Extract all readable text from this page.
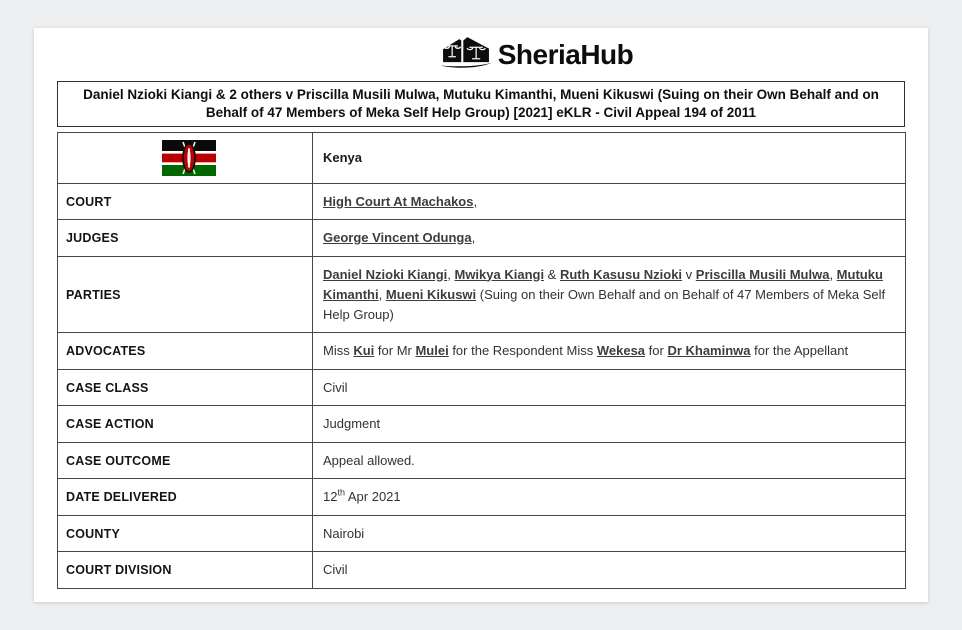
SheriaHub
Daniel Nzioki Kiangi & 2 others v Priscilla Musili Mulwa, Mutuku Kimanthi, Mueni Kikuswi (Suing on their Own Behalf and on Behalf of 47 Members of Meka Self Help Group) [2021] eKLR - Civil Appeal 194 of 2011
	Kenya
COURT	High Court At Machakos,
JUDGES	George Vincent Odunga,
PARTIES	Daniel Nzioki Kiangi, Mwikya Kiangi & Ruth Kasusu Nzioki v Priscilla Musili Mulwa, Mutuku Kimanthi, Mueni Kikuswi (Suing on their Own Behalf and on Behalf of 47 Members of Meka Self Help Group)
ADVOCATES	Miss Kui for Mr Mulei for the Respondent Miss Wekesa for Dr Khaminwa for the Appellant
CASE CLASS	Civil
CASE ACTION	Judgment
CASE OUTCOME	Appeal allowed.
DATE DELIVERED	12th Apr 2021
COUNTY	Nairobi
COURT DIVISION	Civil
